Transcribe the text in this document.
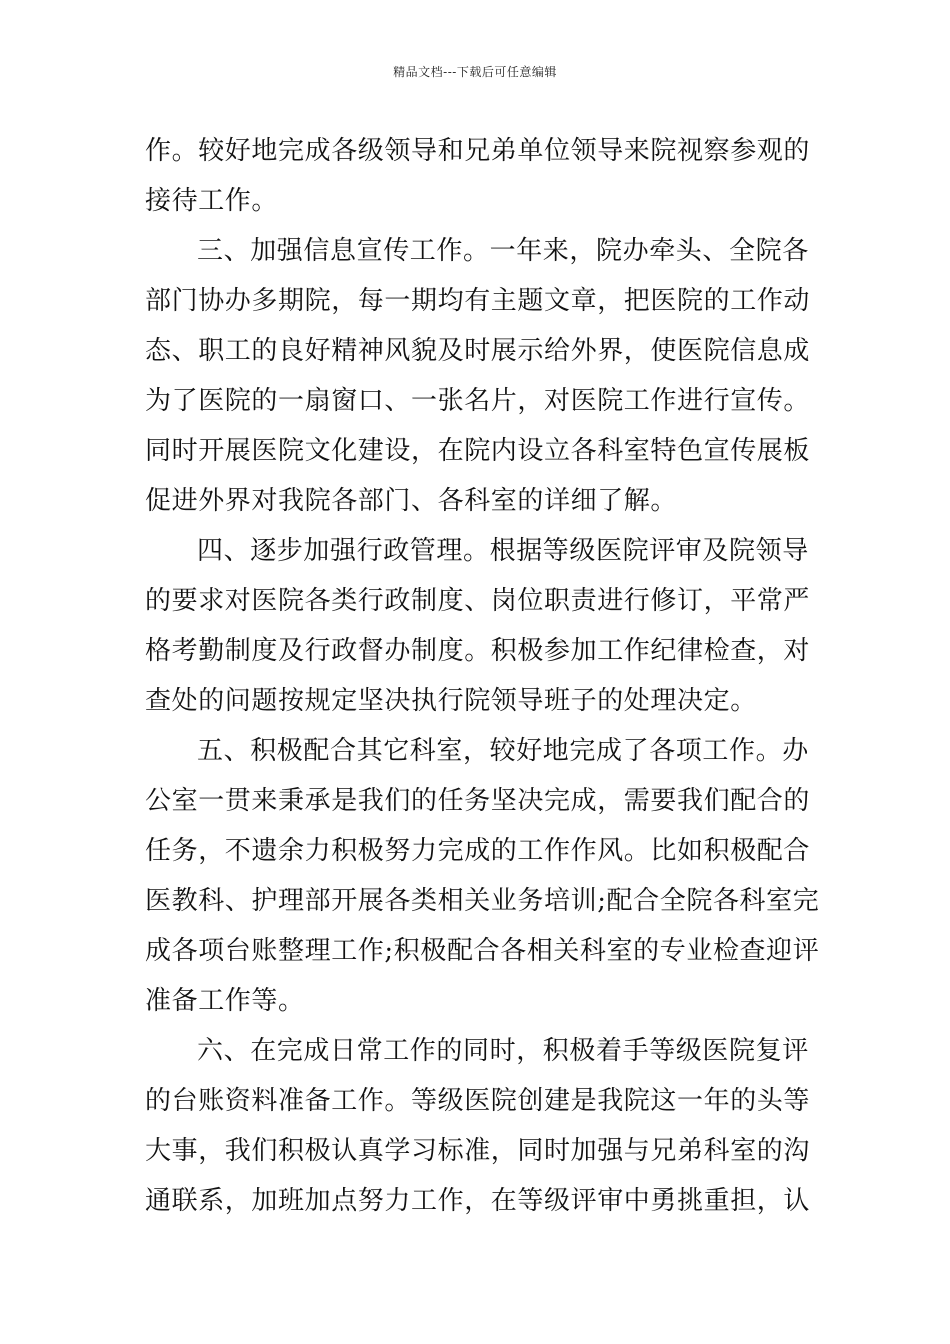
精品文档---下载后可任意编辑
作。较好地完成各级领导和兄弟单位领导来院视察参观的
接待工作。
三、加强信息宣传工作。一年来，院办牵头、全院各
部门协办多期院，每一期均有主题文章，把医院的工作动
态、职工的良好精神风貌及时展示给外界，使医院信息成
为了医院的一扇窗口、一张名片，对医院工作进行宣传。
同时开展医院文化建设，在院内设立各科室特色宣传展板
促进外界对我院各部门、各科室的详细了解。
四、逐步加强行政管理。根据等级医院评审及院领导
的要求对医院各类行政制度、岗位职责进行修订，平常严
格考勤制度及行政督办制度。积极参加工作纪律检查，对
查处的问题按规定坚决执行院领导班子的处理决定。
五、积极配合其它科室，较好地完成了各项工作。办
公室一贯来秉承是我们的任务坚决完成，需要我们配合的
任务，不遗余力积极努力完成的工作作风。比如积极配合
医教科、护理部开展各类相关业务培训;配合全院各科室完
成各项台账整理工作;积极配合各相关科室的专业检查迎评
准备工作等。
六、在完成日常工作的同时，积极着手等级医院复评
的台账资料准备工作。等级医院创建是我院这一年的头等
大事，我们积极认真学习标准，同时加强与兄弟科室的沟
通联系，加班加点努力工作，在等级评审中勇挑重担，认
